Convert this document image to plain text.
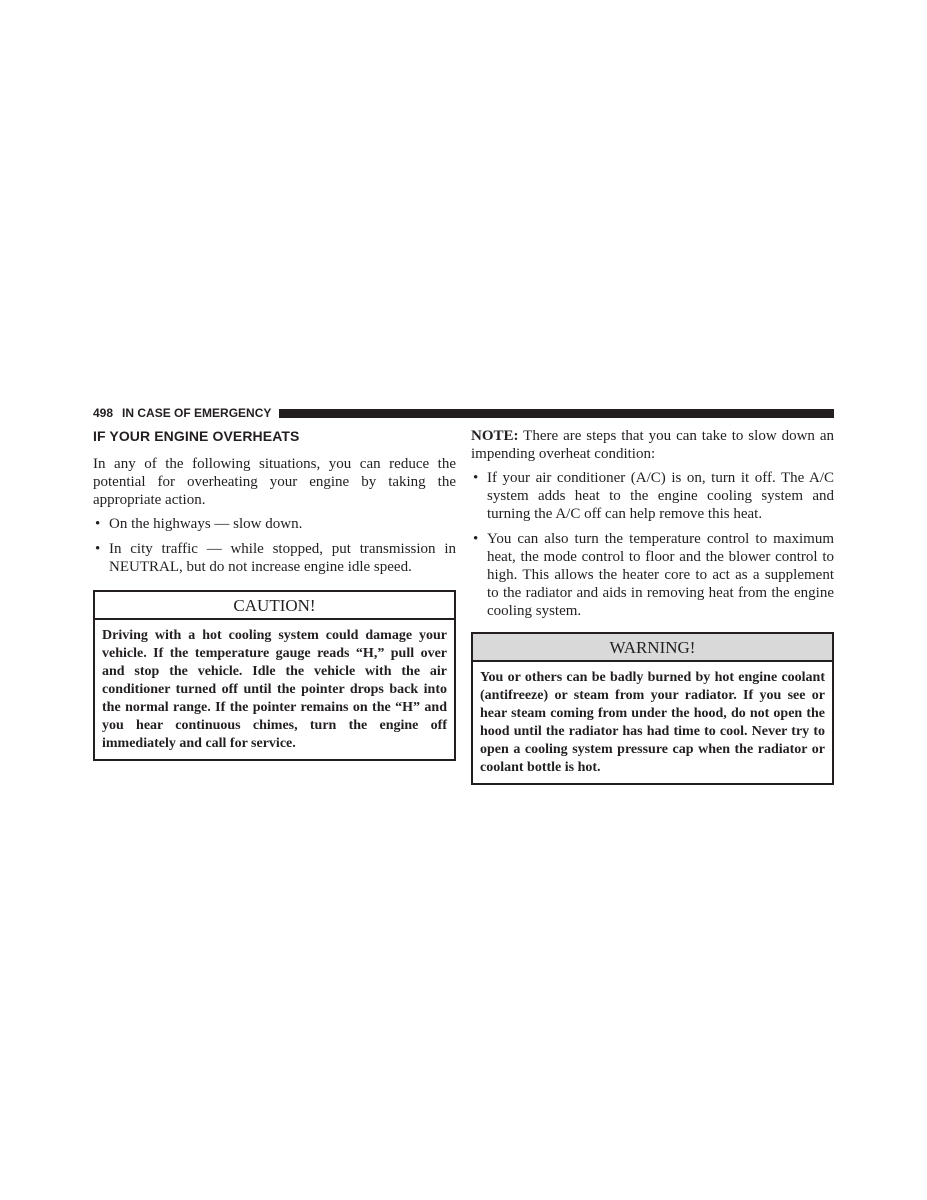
498 IN CASE OF EMERGENCY
IF YOUR ENGINE OVERHEATS

In any of the following situations, you can reduce the potential for overheating your engine by taking the appropriate action.

• On the highways — slow down.
• In city traffic — while stopped, put transmission in NEUTRAL, but do not increase engine idle speed.
CAUTION!
Driving with a hot cooling system could damage your vehicle. If the temperature gauge reads “H,” pull over and stop the vehicle. Idle the vehicle with the air conditioner turned off until the pointer drops back into the normal range. If the pointer remains on the “H” and you hear continuous chimes, turn the engine off immediately and call for service.

NOTE: There are steps that you can take to slow down an impending overheat condition:

• If your air conditioner (A/C) is on, turn it off. The A/C system adds heat to the engine cooling system and turning the A/C off can help remove this heat.
• You can also turn the temperature control to maximum heat, the mode control to floor and the blower control to high. This allows the heater core to act as a supplement to the radiator and aids in removing heat from the engine cooling system.
WARNING!
You or others can be badly burned by hot engine coolant (antifreeze) or steam from your radiator. If you see or hear steam coming from under the hood, do not open the hood until the radiator has had time to cool. Never try to open a cooling system pressure cap when the radiator or coolant bottle is hot.
